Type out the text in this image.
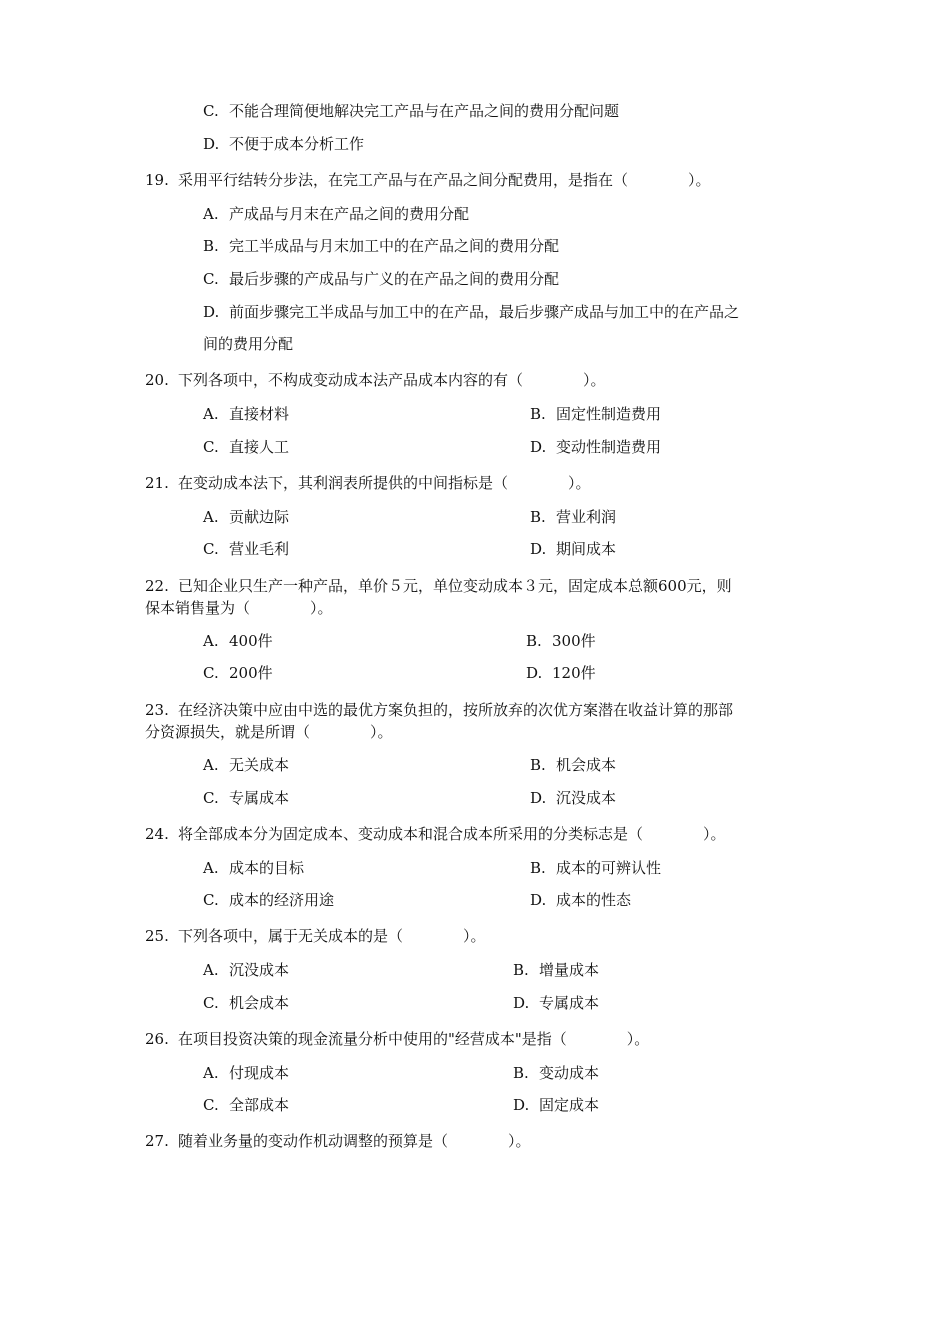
C. 不能合理简便地解决完工产品与在产品之间的费用分配问题
D. 不便于成本分析工作
19. 采用平行结转分步法，在完工产品与在产品之间分配费用，是指在（　　　　）。
A. 产成品与月末在产品之间的费用分配
B. 完工半成品与月末加工中的在产品之间的费用分配
C. 最后步骤的产成品与广义的在产品之间的费用分配
D. 前面步骤完工半成品与加工中的在产品，最后步骤产成品与加工中的在产品之
间的费用分配
20. 下列各项中，不构成变动成本法产品成本内容的有（　　　　）。
A. 直接材料	B. 固定性制造费用
C. 直接人工	D. 变动性制造费用
21. 在变动成本法下，其利润表所提供的中间指标是（　　　　）。
A. 贡献边际	B. 营业利润
C. 营业毛利	D. 期间成本
22. 已知企业只生产一种产品，单价５元，单位变动成本３元，固定成本总额600元，则
保本销售量为（　　　　）。
A. 400件	B. 300件
C. 200件	D. 120件
23. 在经济决策中应由中选的最优方案负担的，按所放弃的次优方案潜在收益计算的那部
分资源损失，就是所谓（　　　　）。
A. 无关成本	B. 机会成本
C. 专属成本	D. 沉没成本
24. 将全部成本分为固定成本、变动成本和混合成本所采用的分类标志是（　　　　）。
A. 成本的目标	B. 成本的可辨认性
C. 成本的经济用途	D. 成本的性态
25. 下列各项中，属于无关成本的是（　　　　）。
A. 沉没成本	B. 增量成本
C. 机会成本	D. 专属成本
26. 在项目投资决策的现金流量分析中使用的"经营成本"是指（　　　　）。
A. 付现成本	B. 变动成本
C. 全部成本	D. 固定成本
27. 随着业务量的变动作机动调整的预算是（　　　　）。
